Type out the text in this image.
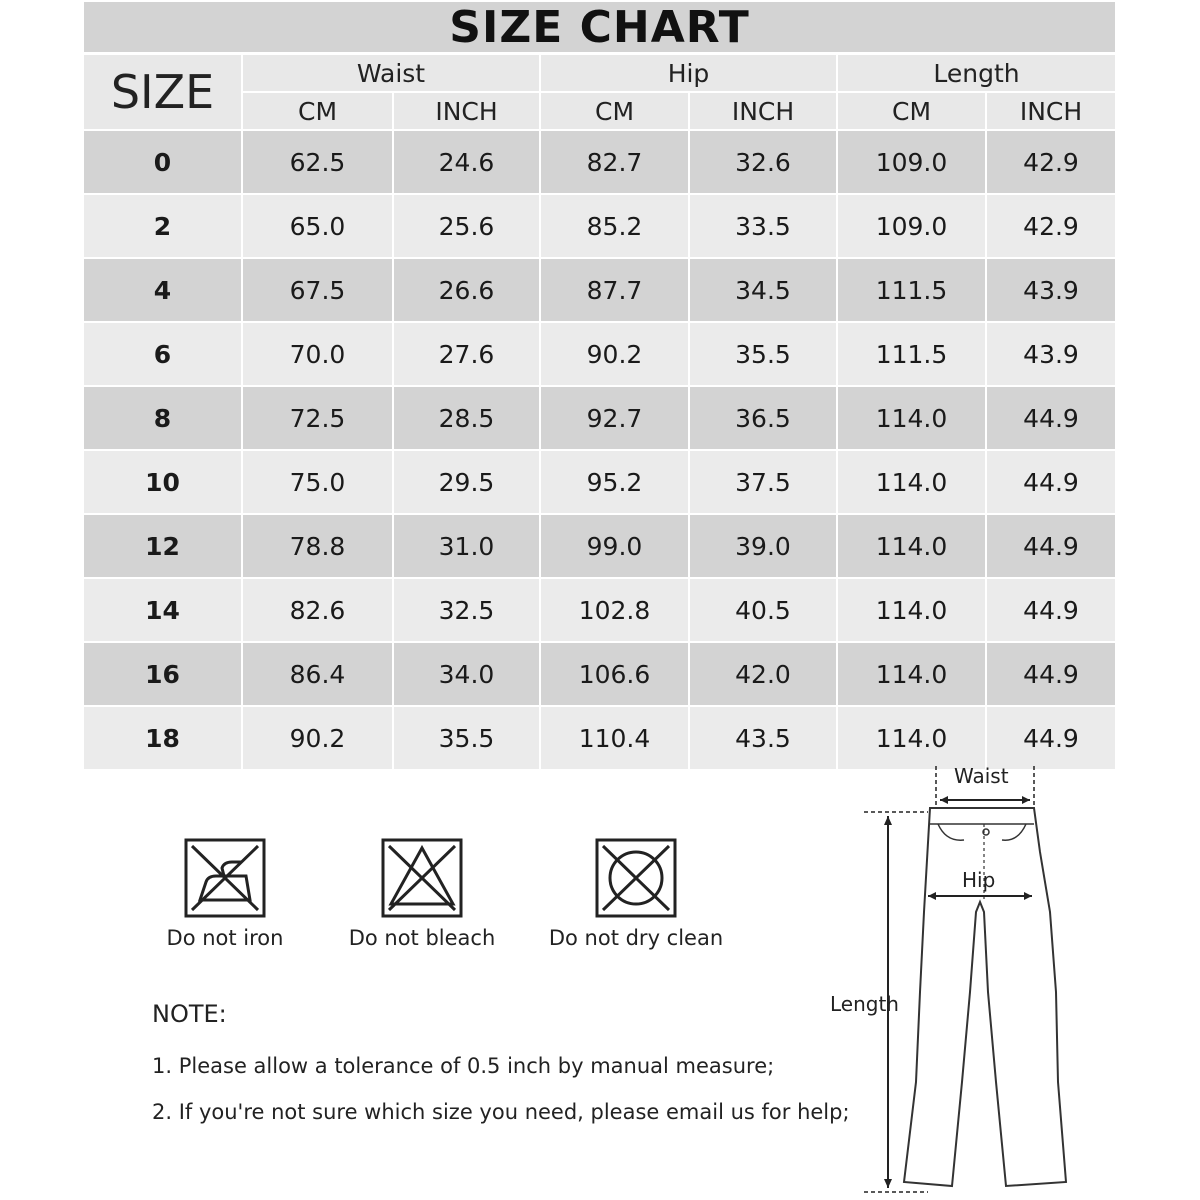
SIZE CHART
SIZE	Waist		Hip		Length	
	CM	INCH	CM	INCH	CM	INCH
0	62.5	24.6	82.7	32.6	109.0	42.9
2	65.0	25.6	85.2	33.5	109.0	42.9
4	67.5	26.6	87.7	34.5	111.5	43.9
6	70.0	27.6	90.2	35.5	111.5	43.9
8	72.5	28.5	92.7	36.5	114.0	44.9
10	75.0	29.5	95.2	37.5	114.0	44.9
12	78.8	31.0	99.0	39.0	114.0	44.9
14	82.6	32.5	102.8	40.5	114.0	44.9
16	86.4	34.0	106.6	42.0	114.0	44.9
18	90.2	35.5	110.4	43.5	114.0	44.9
Do not iron	Do not bleach	Do not dry clean
NOTE:
1. Please allow a tolerance of 0.5 inch by manual measure;
2. If you're not sure which size you need, please email us for help;
Waist
Hip
Length
